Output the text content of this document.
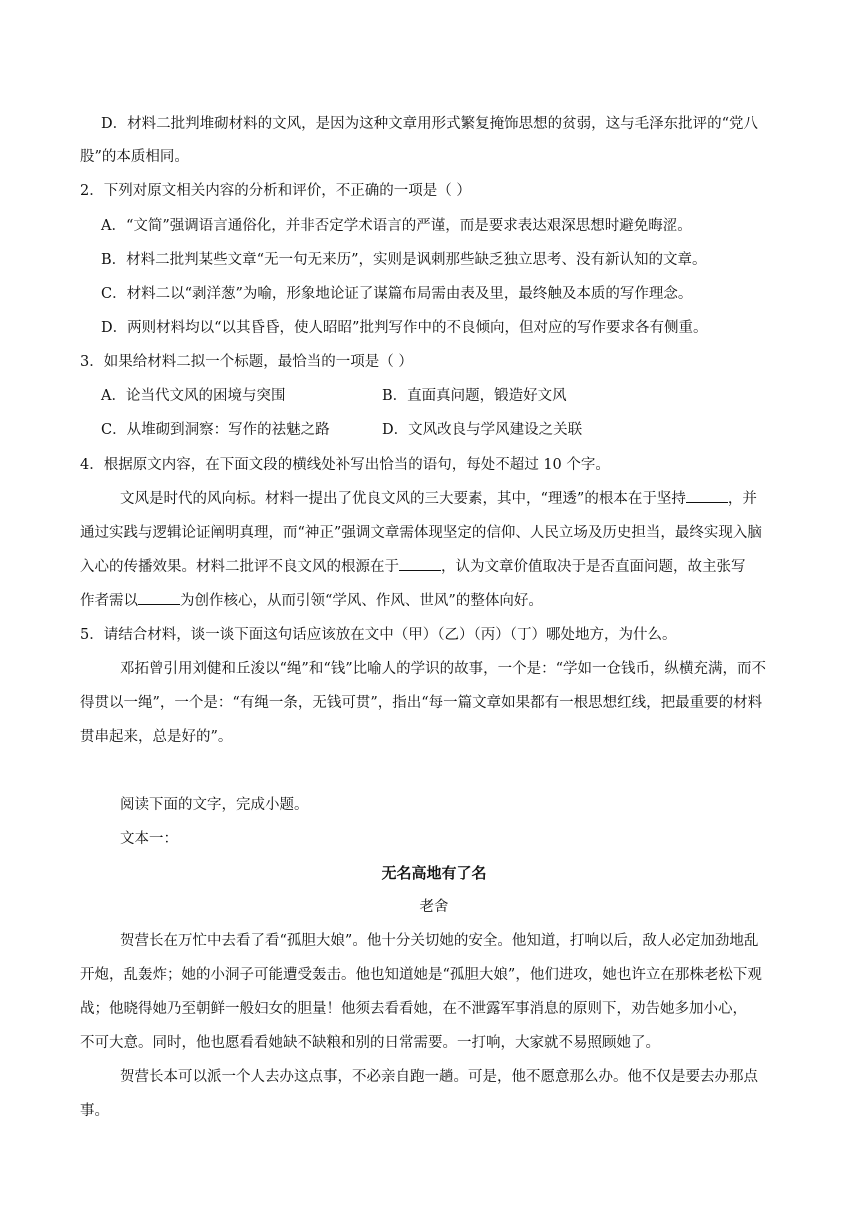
D．材料二批判堆砌材料的文风，是因为这种文章用形式繁复掩饰思想的贫弱，这与毛泽东批评的“党八
股”的本质相同。
2．下列对原文相关内容的分析和评价，不正确的一项是（ ）
A．“文简”强调语言通俗化，并非否定学术语言的严谨，而是要求表达艰深思想时避免晦涩。
B．材料二批判某些文章“无一句无来历”，实则是讽刺那些缺乏独立思考、没有新认知的文章。
C．材料二以“剥洋葱”为喻，形象地论证了谋篇布局需由表及里，最终触及本质的写作理念。
D．两则材料均以“以其昏昏，使人昭昭”批判写作中的不良倾向，但对应的写作要求各有侧重。
3．如果给材料二拟一个标题，最恰当的一项是（ ）
A．论当代文风的困境与突围	B．直面真问题，锻造好文风
C．从堆砌到洞察：写作的祛魅之路	D．文风改良与学风建设之关联
4．根据原文内容，在下面文段的横线处补写出恰当的语句，每处不超过 10 个字。
文风是时代的风向标。材料一提出了优良文风的三大要素，其中，“理透”的根本在于坚持	，并
通过实践与逻辑论证阐明真理，而“神正”强调文章需体现坚定的信仰、人民立场及历史担当，最终实现入脑
入心的传播效果。材料二批评不良文风的根源在于	，认为文章价值取决于是否直面问题，故主张写
作者需以	为创作核心，从而引领“学风、作风、世风”的整体向好。
5．请结合材料，谈一谈下面这句话应该放在文中（甲）（乙）（丙）（丁）哪处地方，为什么。
邓拓曾引用刘健和丘浚以“绳”和“钱”比喻人的学识的故事，一个是：“学如一仓钱币，纵横充满，而不
得贯以一绳”，一个是：“有绳一条，无钱可贯”，指出“每一篇文章如果都有一根思想红线，把最重要的材料
贯串起来，总是好的”。
阅读下面的文字，完成小题。
文本一：
无名高地有了名
老舍
贺营长在万忙中去看了看“孤胆大娘”。他十分关切她的安全。他知道，打响以后，敌人必定加劲地乱
开炮，乱轰炸；她的小洞子可能遭受轰击。他也知道她是“孤胆大娘”，他们进攻，她也许立在那株老松下观
战；他晓得她乃至朝鲜一般妇女的胆量！他须去看看她，在不泄露军事消息的原则下，劝告她多加小心，
不可大意。同时，他也愿看看她缺不缺粮和别的日常需要。一打响，大家就不易照顾她了。
贺营长本可以派一个人去办这点事，不必亲自跑一趟。可是，他不愿意那么办。他不仅是要去办那点
事。
